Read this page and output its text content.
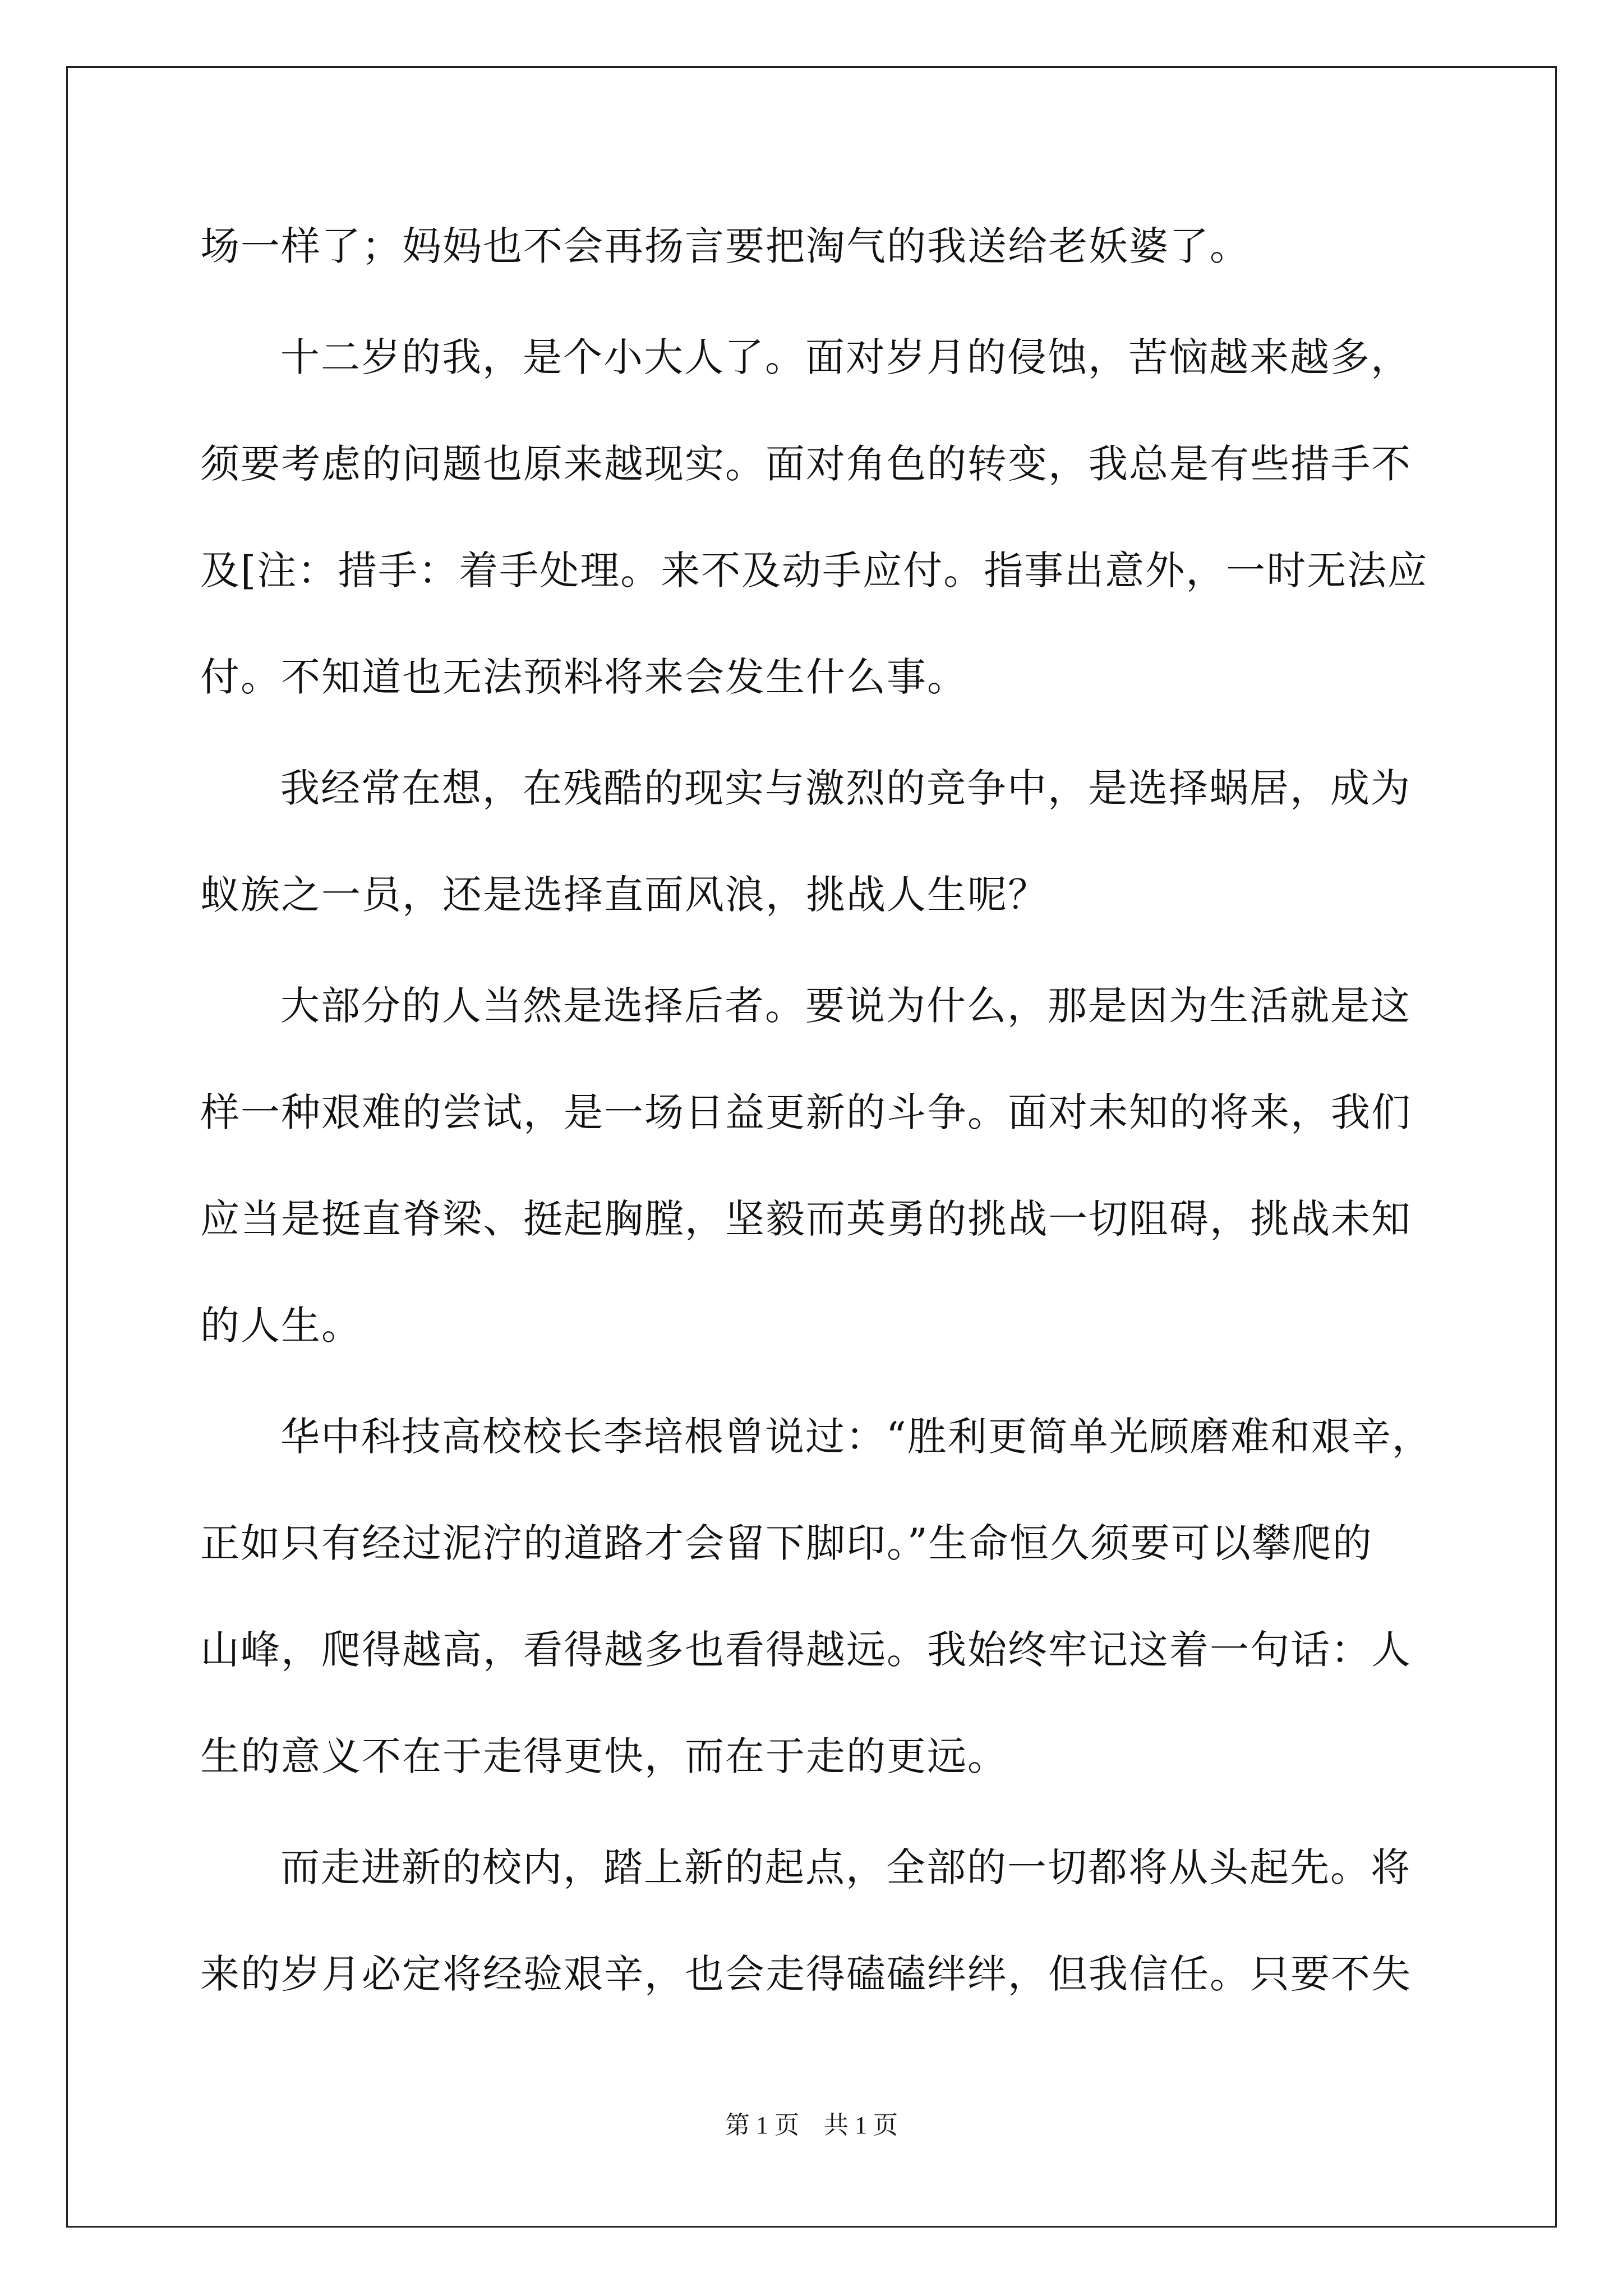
场一样了；妈妈也不会再扬言要把淘气的我送给老妖婆了。
十二岁的我，是个小大人了。面对岁月的侵蚀，苦恼越来越多，
须要考虑的问题也原来越现实。面对角色的转变，我总是有些措手不
及[注：措手：着手处理。来不及动手应付。指事出意外，一时无法应
付。不知道也无法预料将来会发生什么事。
我经常在想，在残酷的现实与激烈的竞争中，是选择蜗居，成为
蚁族之一员，还是选择直面风浪，挑战人生呢？
大部分的人当然是选择后者。要说为什么，那是因为生活就是这
样一种艰难的尝试，是一场日益更新的斗争。面对未知的将来，我们
应当是挺直脊梁、挺起胸膛，坚毅而英勇的挑战一切阻碍，挑战未知
的人生。
华中科技高校校长李培根曾说过：“胜利更简单光顾磨难和艰辛，
正如只有经过泥泞的道路才会留下脚印。”生命恒久须要可以攀爬的
山峰，爬得越高，看得越多也看得越远。我始终牢记这着一句话：人
生的意义不在于走得更快，而在于走的更远。
而走进新的校内，踏上新的起点，全部的一切都将从头起先。将
来的岁月必定将经验艰辛，也会走得磕磕绊绊，但我信任。只要不失
第 1 页　共 1 页
